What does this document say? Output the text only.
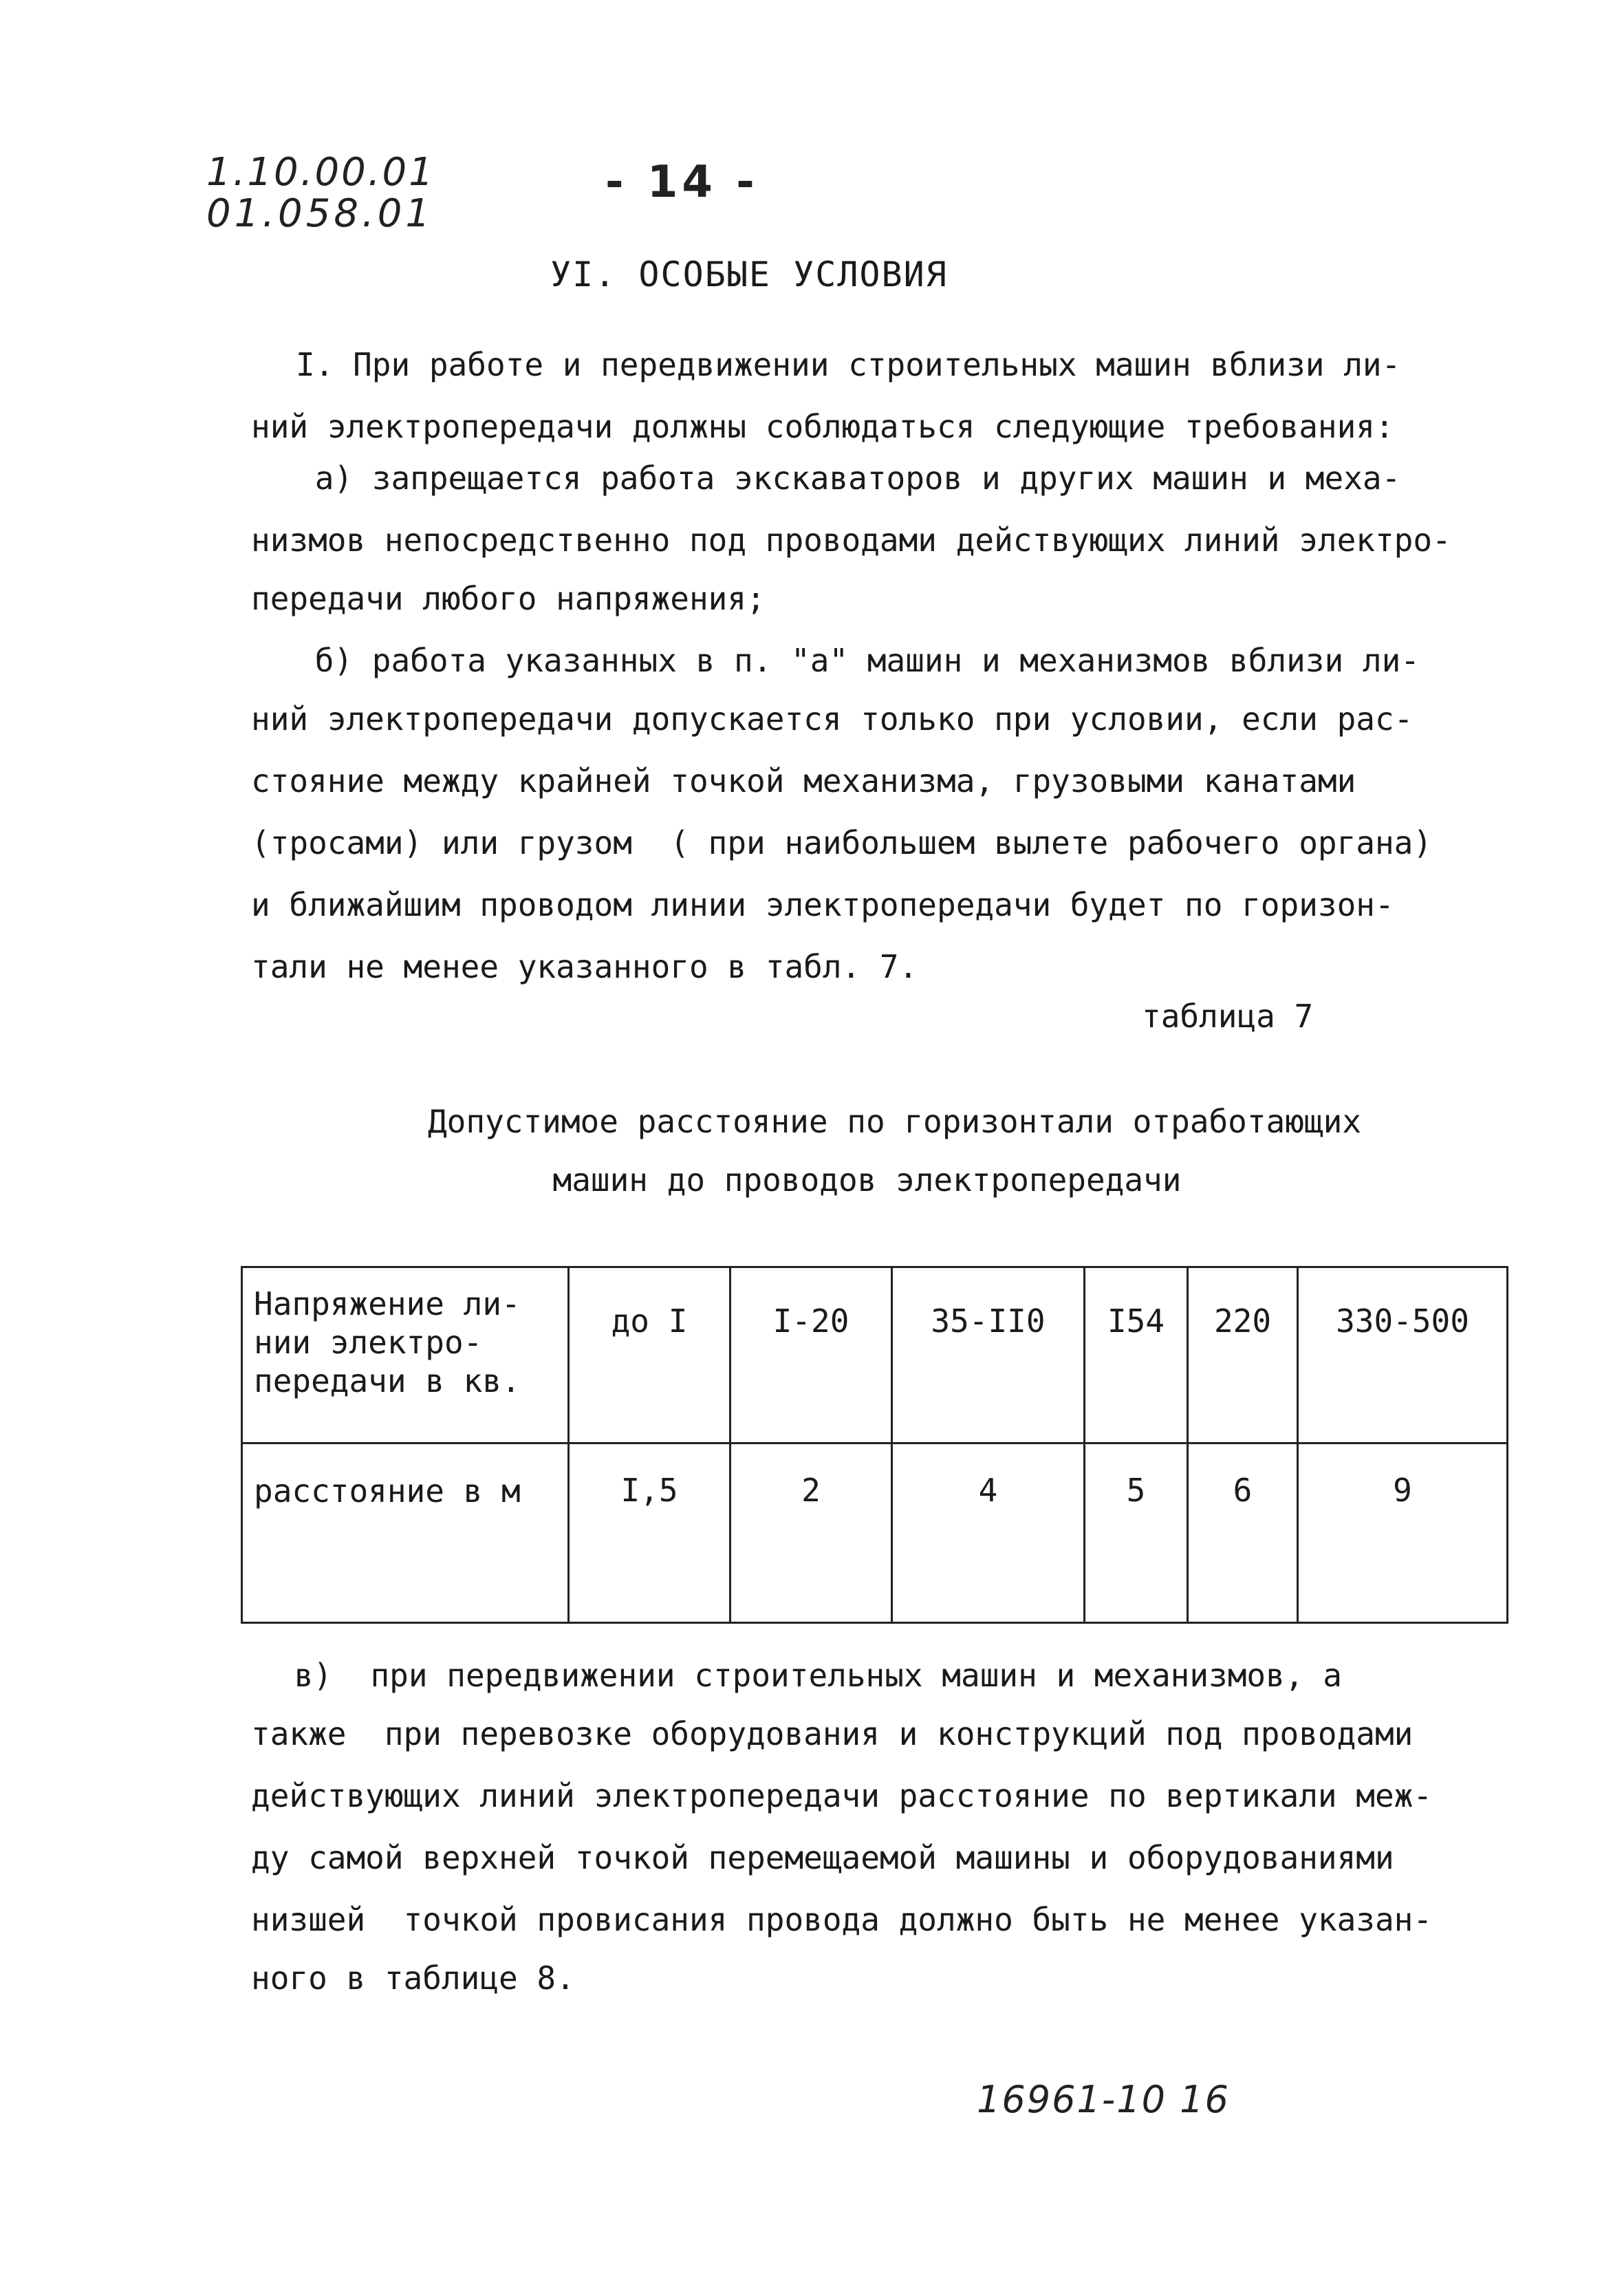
1.10.00.01
01.058.01
- 14 -
УI. ОСОБЫЕ УСЛОВИЯ
I. При работе и передвижении строительных машин вблизи ли-
ний электропередачи должны соблюдаться следующие требования:
а) запрещается работа экскаваторов и других машин и меха-
низмов непосредственно под проводами действующих линий электро-
передачи любого напряжения;
б) работа указанных в п. "а" машин и механизмов вблизи ли-
ний электропередачи допускается только при условии, если рас-
стояние между крайней точкой механизма, грузовыми канатами
(тросами) или грузом  ( при наибольшем вылете рабочего органа)
и ближайшим проводом линии электропередачи будет по горизон-
тали не менее указанного в табл. 7.
таблица 7
Допустимое расстояние по горизонтали отработающих
машин до проводов электропередачи
Напряжение ли-
нии электро-
передачи в кв.	до I	I-20	35-II0	I54	220	330-500
расстояние в м	I,5	2	4	5	6	9
в)  при передвижении строительных машин и механизмов, а
также  при перевозке оборудования и конструкций под проводами
действующих линий электропередачи расстояние по вертикали меж-
ду самой верхней точкой перемещаемой машины и оборудованиями
низшей  точкой провисания провода должно быть не менее указан-
ного в таблице 8.
16961-10 16
